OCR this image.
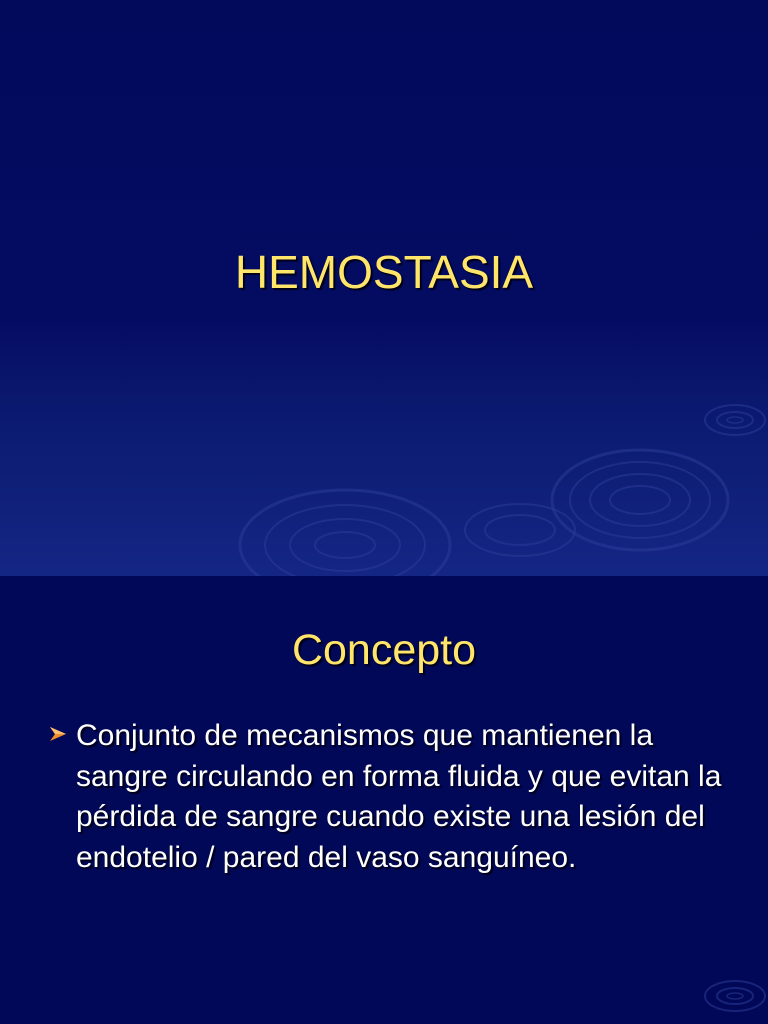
HEMOSTASIA
Concepto
Conjunto de mecanismos que mantienen la sangre circulando en forma fluida y que evitan la pérdida de sangre cuando existe una lesión del endotelio / pared del vaso sanguíneo.
